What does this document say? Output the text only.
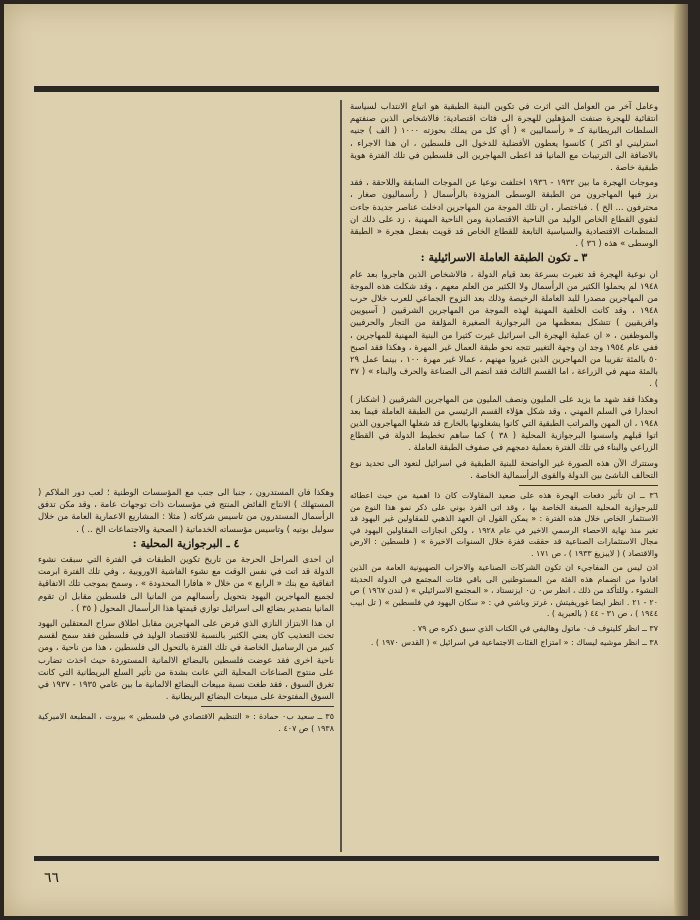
وعامل آخر من العوامل التي اثرت في تكوين البنية الطبقية هو اتباع الانتداب لسياسة انتقائية للهجرة صنفت المؤهلين للهجرة الى فئات اقتصادية: فالاشخاص الذين صنفتهم السلطات البريطانية كـ « رأسماليين » ( أي كل من يملك بحوزته ١٠٠٠ ( الف ) جنيه استرليني او اكثر ) كانسوا يعطون الأفضلية للدخول الى فلسطين ، ان هذا الاجراء ، بالاضافة الى الترتيبات مع المانيا قد اعطى المهاجرين الى فلسطين في تلك الفترة هوية طبقية خاصة .

وموجات الهجرة ما بين ١٩٣٢ - ١٩٣٦ اختلفت نوعيا عن الموجات السابقة واللاحقة ، فقد برز فيها المهاجرون من الطبقة الوسطى المزودة بالرأسمال ( رأسماليون صغار ، محترفون ... الخ ) . فباختصار ، ان تلك الموجة من المهاجرين ادخلت عناصر جديدة جاءت لتقوي القطاع الخاص الوليد من الناحية الاقتصادية ومن الناحية المهنية ، زد على ذلك ان المنظمات الاقتصادية والسياسية التابعة للقطاع الخاص قد قويت بفضل هجرة « الطبقة الوسطى » هذه ( ٣٦ ) .

٣ ـ تكون الطبقة العاملة الاسرائيلية :

ان نوعية الهجرة قد تغيرت بسرعة بعد قيام الدولة ، فالاشخاص الذين هاجروا بعد عام ١٩٤٨ لم يحملوا الكثير من الرأسمال ولا الكثير من العلم معهم ، وقد شكلت هذه الموجة من المهاجرين مصدرا للبد العاملة الرخيصة وذلك بعد النزوح الجماعي للعرب خلال حرب ١٩٤٨ ، وقد كانت الخلفية المهنية لهذه الموجة من المهاجرين الشرقيين ( آسيويين وافريقيين ) تتشكل بمعظمها من البرجوازية الصغيرة المؤلفة من التجار والحرفيين والموظفين ، « ان عملية الهجرة الى اسرائيل غيرت كثيرا من البنية المهنية للمهاجرين ، ففي عام ١٩٥٤ وجد ان وجهة التغيير تتجه نحو طبقة العمال غير المهرة ، وهكذا فقد اصبح ٥٠ بالمئة تقريبا من المهاجرين الذين غيروا مهنهم ، عمالا غير مهرة ١٠٠ ، بينما عمل ٢٩ بالمئة منهم في الزراعة ، اما القسم الثالث فقد انضم الى الصناعة والحرف والبناء » ( ٣٧ ) .

وهكذا فقد شهد ما يزيد على المليون ونصف المليون من المهاجرين الشرقيين ( اشكناز ) انحدارا في السلم المهني ، وقد شكل هؤلاء القسم الرئيسي من الطبقة العاملة فيما بعد ١٩٤٨ ، ان المهن والمراتب الطبقية التي كانوا يشغلونها بالخارج قد شغلها المهاجرون الذين اتوا قبلهم واسسوا البرجوازية المحلية ( ٣٨ ) كما ساهم تخطيط الدولة في القطاع الزراعي والبناء في تلك الفترة بعملية دمجهم في صفوف الطبقة العاملة .

وستترك الآن هذه الصورة غير الواضحة للبنية الطبقية في اسرائيل لنعود الى تحديد نوع التحالف الناشئ بين الدولة والقوى الرأسمالية الخاصة .

٣٦ ــ ان تأثير دفعات الهجرة هذه على صعيد المقاولات كان ذا اهمية من حيث اعطائه للبرجوازية المحلية الصبغة الخاصة بها ، وقد اتى الفرد بوني على ذكر نمو هذا النوع من الاستثمار الخاص خلال هذه الفترة : « يمكن القول ان العهد الذهبي للمقاولين غير اليهود قد تغير منذ نهاية الاحصاء الرسمي الاخير في عام ١٩٢٨ ، ولكن انجازات المقاولين اليهود في مجال الاستثمارات الصناعية قد حققت قفزة خلال السنوات الاخيرة » ( فلسطين : الارض والاقتصاد ) ( لايبزيغ ١٩٣٣ ) ، ص ١٧١ .

اذن ليس من المفاجيء ان تكون الشركات الصناعية والاحزاب الصهيونية العامة من الذين افادوا من انضمام هذه الفئة من المستوطنين الى باقي فئات المجتمع في الدولة الحديثة النشوء ، وللتأكد من ذلك ، انظر س٠ ن٠ ايزنستاد ، « المجتمع الاسرائيلي » ( لندن ١٩٦٧ ) ص ٢٠ - ٢١ . انظر ايضا غوريفيتش ، غرتز وباشي في : « سكان اليهود في فلسطين » ( تل ابيب ١٩٤٤ ) ، ص ٣١ - ٤٤ ( بالعبرية ) .

٣٧ ــ انظر كلينوف ف٠ ماتول وهاليفي في الكتاب الذي سبق ذكره ص ٧٩ .

٣٨ ــ انظر موشيه ليساك : « امتزاج الفئات الاجتماعية في اسرائيل » ( القدس ١٩٧٠ ) .

وهكذا فان المستدرون ، جنبا الى جنب مع المؤسسات الوطنية ؛ لعب دور الملاكم ( المستهلك ) الانتاج الفائض المنتج في مؤسسات ذات توجهات عامة ، وقد مكن تدفق الرأسمال المستدرون من تاسيس شركاته ( مثلا : المشاريع الاعمارية العامة من خلال سوليل بونيه ) وتاسيس مؤسساته الخدماتية ( الصحية والاجتماعات الخ .. ) .

٤ ـ البرجوازية المحلية :

ان احدى المراحل الحرجة من تاريخ تكوين الطبقات في الفترة التي سبقت نشوء الدولة قد اتت في نفس الوقت مع نشوء الفاشية الاوروبية ، وفي تلك الفترة ابرمت اتفاقية مع بنك « الرابع » من خلال « هافارا المحدودة » ، وسمح بموجب تلك الاتفاقية لجميع المهاجرين اليهود بتحويل رأسمالهم من المانيا الى فلسطين مقابل ان تقوم المانيا بتصدير بضائع الى اسرائيل توازي قيمتها هذا الرأسمال المحول ( ٣٥ ) .

ان هذا الابتزاز النازي الذي فرض على المهاجرين مقابل اطلاق سراح المعتقلين اليهود تحت التعذيب كان يعني الكثير بالنسبة للاقتصاد الوليد في فلسطين فقد سمح لقسم كبير من الرساميل الخاصة في تلك الفترة بالتحول الى فلسطين ، هذا من ناحية ، ومن ناحية اخرى فقد عوضت فلسطين بالبضائع الالمانية المستوردة حيث اخذت تضارب على منتوج الصناعات المحلية التي عانت بشدة من تأثير السلع البريطانية التي كانت تغرق السوق ، فقد طغت نسبة مبيعات البضائع الالمانية ما بين عامي ١٩٣٥ - ١٩٣٧ في السوق المفتوحة على مبيعات البضائع البريطانية .

٣٥ ــ سعيد ب٠ حمادة : « التنظيم الاقتصادي في فلسطين » بيروت ، المطبعة الاميركية ١٩٣٨ ) ص ٤٠٧ .

٦٦
